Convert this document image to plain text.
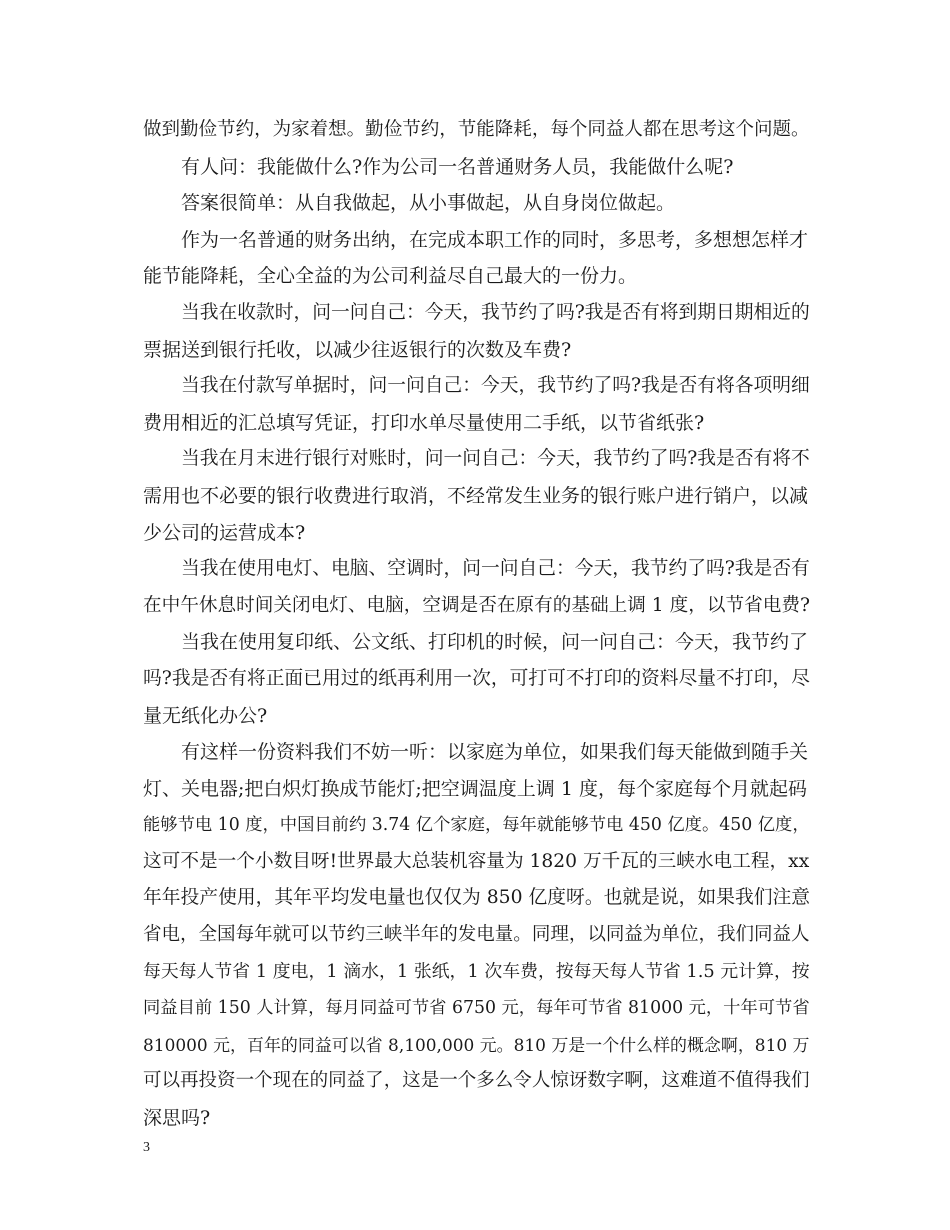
做到勤俭节约，为家着想。勤俭节约，节能降耗，每个同益人都在思考这个问题。
有人问：我能做什么?作为公司一名普通财务人员，我能做什么呢?
答案很简单：从自我做起，从小事做起，从自身岗位做起。
作为一名普通的财务出纳，在完成本职工作的同时，多思考，多想想怎样才
能节能降耗，全心全益的为公司利益尽自己最大的一份力。
当我在收款时，问一问自己：今天，我节约了吗?我是否有将到期日期相近的
票据送到银行托收，以减少往返银行的次数及车费?
当我在付款写单据时，问一问自己：今天，我节约了吗?我是否有将各项明细
费用相近的汇总填写凭证，打印水单尽量使用二手纸，以节省纸张?
当我在月末进行银行对账时，问一问自己：今天，我节约了吗?我是否有将不
需用也不必要的银行收费进行取消，不经常发生业务的银行账户进行销户，以减
少公司的运营成本?
当我在使用电灯、电脑、空调时，问一问自己：今天，我节约了吗?我是否有
在中午休息时间关闭电灯、电脑，空调是否在原有的基础上调 1 度，以节省电费?
当我在使用复印纸、公文纸、打印机的时候，问一问自己：今天，我节约了
吗?我是否有将正面已用过的纸再利用一次，可打可不打印的资料尽量不打印，尽
量无纸化办公?
有这样一份资料我们不妨一听：以家庭为单位，如果我们每天能做到随手关
灯、关电器;把白炽灯换成节能灯;把空调温度上调 1 度，每个家庭每个月就起码
能够节电 10 度，中国目前约 3.74 亿个家庭，每年就能够节电 450 亿度。450 亿度，
这可不是一个小数目呀!世界最大总装机容量为 1820 万千瓦的三峡水电工程，xx
年年投产使用，其年平均发电量也仅仅为 850 亿度呀。也就是说，如果我们注意
省电，全国每年就可以节约三峡半年的发电量。同理，以同益为单位，我们同益人
每天每人节省 1 度电，1 滴水，1 张纸，1 次车费，按每天每人节省 1.5 元计算，按
同益目前 150 人计算，每月同益可节省 6750 元，每年可节省 81000 元，十年可节省
810000 元，百年的同益可以省 8,100,000 元。810 万是一个什么样的概念啊，810 万
可以再投资一个现在的同益了，这是一个多么令人惊讶数字啊，这难道不值得我们
深思吗?
3
